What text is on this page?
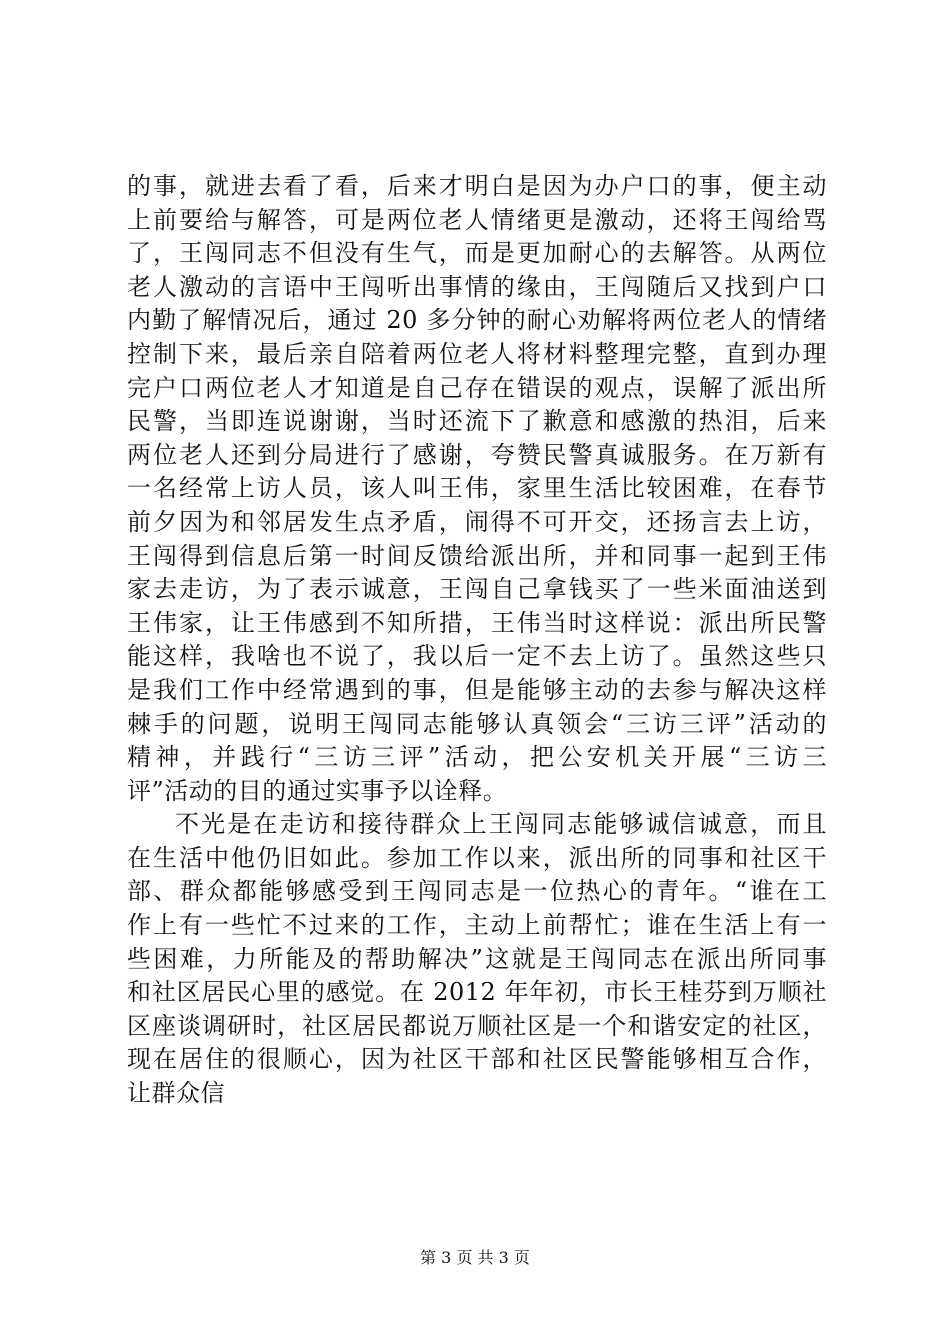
的事，就进去看了看，后来才明白是因为办户口的事，便主动
上前要给与解答，可是两位老人情绪更是激动，还将王闯给骂
了，王闯同志不但没有生气，而是更加耐心的去解答。从两位
老人激动的言语中王闯听出事情的缘由，王闯随后又找到户口
内勤了解情况后，通过 20 多分钟的耐心劝解将两位老人的情绪
控制下来，最后亲自陪着两位老人将材料整理完整，直到办理
完户口两位老人才知道是自己存在错误的观点，误解了派出所
民警，当即连说谢谢，当时还流下了歉意和感激的热泪，后来
两位老人还到分局进行了感谢，夸赞民警真诚服务。在万新有
一名经常上访人员，该人叫王伟，家里生活比较困难，在春节
前夕因为和邻居发生点矛盾，闹得不可开交，还扬言去上访，
王闯得到信息后第一时间反馈给派出所，并和同事一起到王伟
家去走访，为了表示诚意，王闯自己拿钱买了一些米面油送到
王伟家，让王伟感到不知所措，王伟当时这样说：派出所民警
能这样，我啥也不说了，我以后一定不去上访了。虽然这些只
是我们工作中经常遇到的事，但是能够主动的去参与解决这样
棘手的问题，说明王闯同志能够认真领会“三访三评”活动的
精神，并践行“三访三评”活动，把公安机关开展“三访三
评”活动的目的通过实事予以诠释。
不光是在走访和接待群众上王闯同志能够诚信诚意，而且
在生活中他仍旧如此。参加工作以来，派出所的同事和社区干
部、群众都能够感受到王闯同志是一位热心的青年。“谁在工
作上有一些忙不过来的工作，主动上前帮忙；谁在生活上有一
些困难，力所能及的帮助解决”这就是王闯同志在派出所同事
和社区居民心里的感觉。在 2012 年年初，市长王桂芬到万顺社
区座谈调研时，社区居民都说万顺社区是一个和谐安定的社区，
现在居住的很顺心，因为社区干部和社区民警能够相互合作，
让群众信
第 3 页 共 3 页
